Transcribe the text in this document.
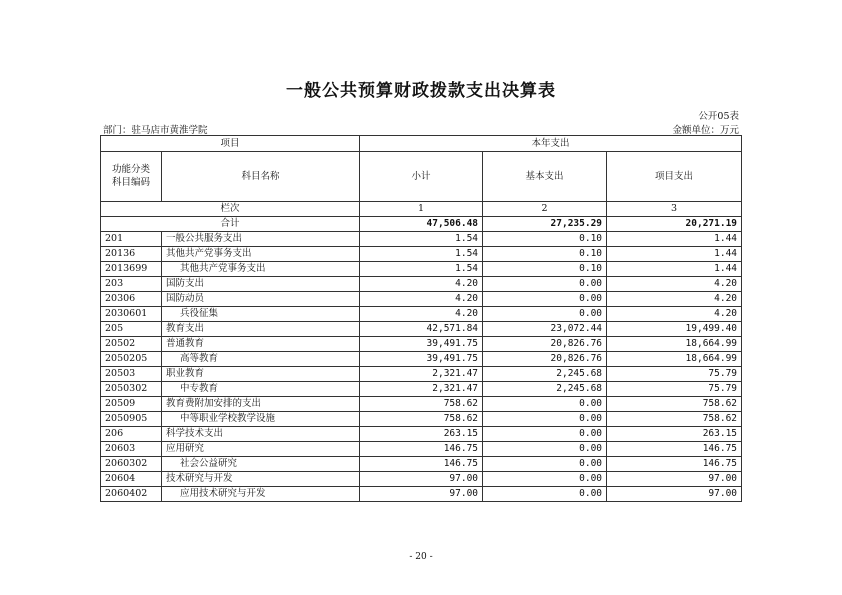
一般公共预算财政拨款支出决算表
公开05表
部门：驻马店市黄淮学院	金额单位：万元
项目		本年支出		
功能分类
科目编码	科目名称	小计	基本支出	项目支出
栏次		1	2	3
合计		47,506.48	27,235.29	20,271.19
201	一般公共服务支出	1.54	0.10	1.44
20136	其他共产党事务支出	1.54	0.10	1.44
2013699	其他共产党事务支出	1.54	0.10	1.44
203	国防支出	4.20	0.00	4.20
20306	国防动员	4.20	0.00	4.20
2030601	兵役征集	4.20	0.00	4.20
205	教育支出	42,571.84	23,072.44	19,499.40
20502	普通教育	39,491.75	20,826.76	18,664.99
2050205	高等教育	39,491.75	20,826.76	18,664.99
20503	职业教育	2,321.47	2,245.68	75.79
2050302	中专教育	2,321.47	2,245.68	75.79
20509	教育费附加安排的支出	758.62	0.00	758.62
2050905	中等职业学校教学设施	758.62	0.00	758.62
206	科学技术支出	263.15	0.00	263.15
20603	应用研究	146.75	0.00	146.75
2060302	社会公益研究	146.75	0.00	146.75
20604	技术研究与开发	97.00	0.00	97.00
2060402	应用技术研究与开发	97.00	0.00	97.00
- 20 -
